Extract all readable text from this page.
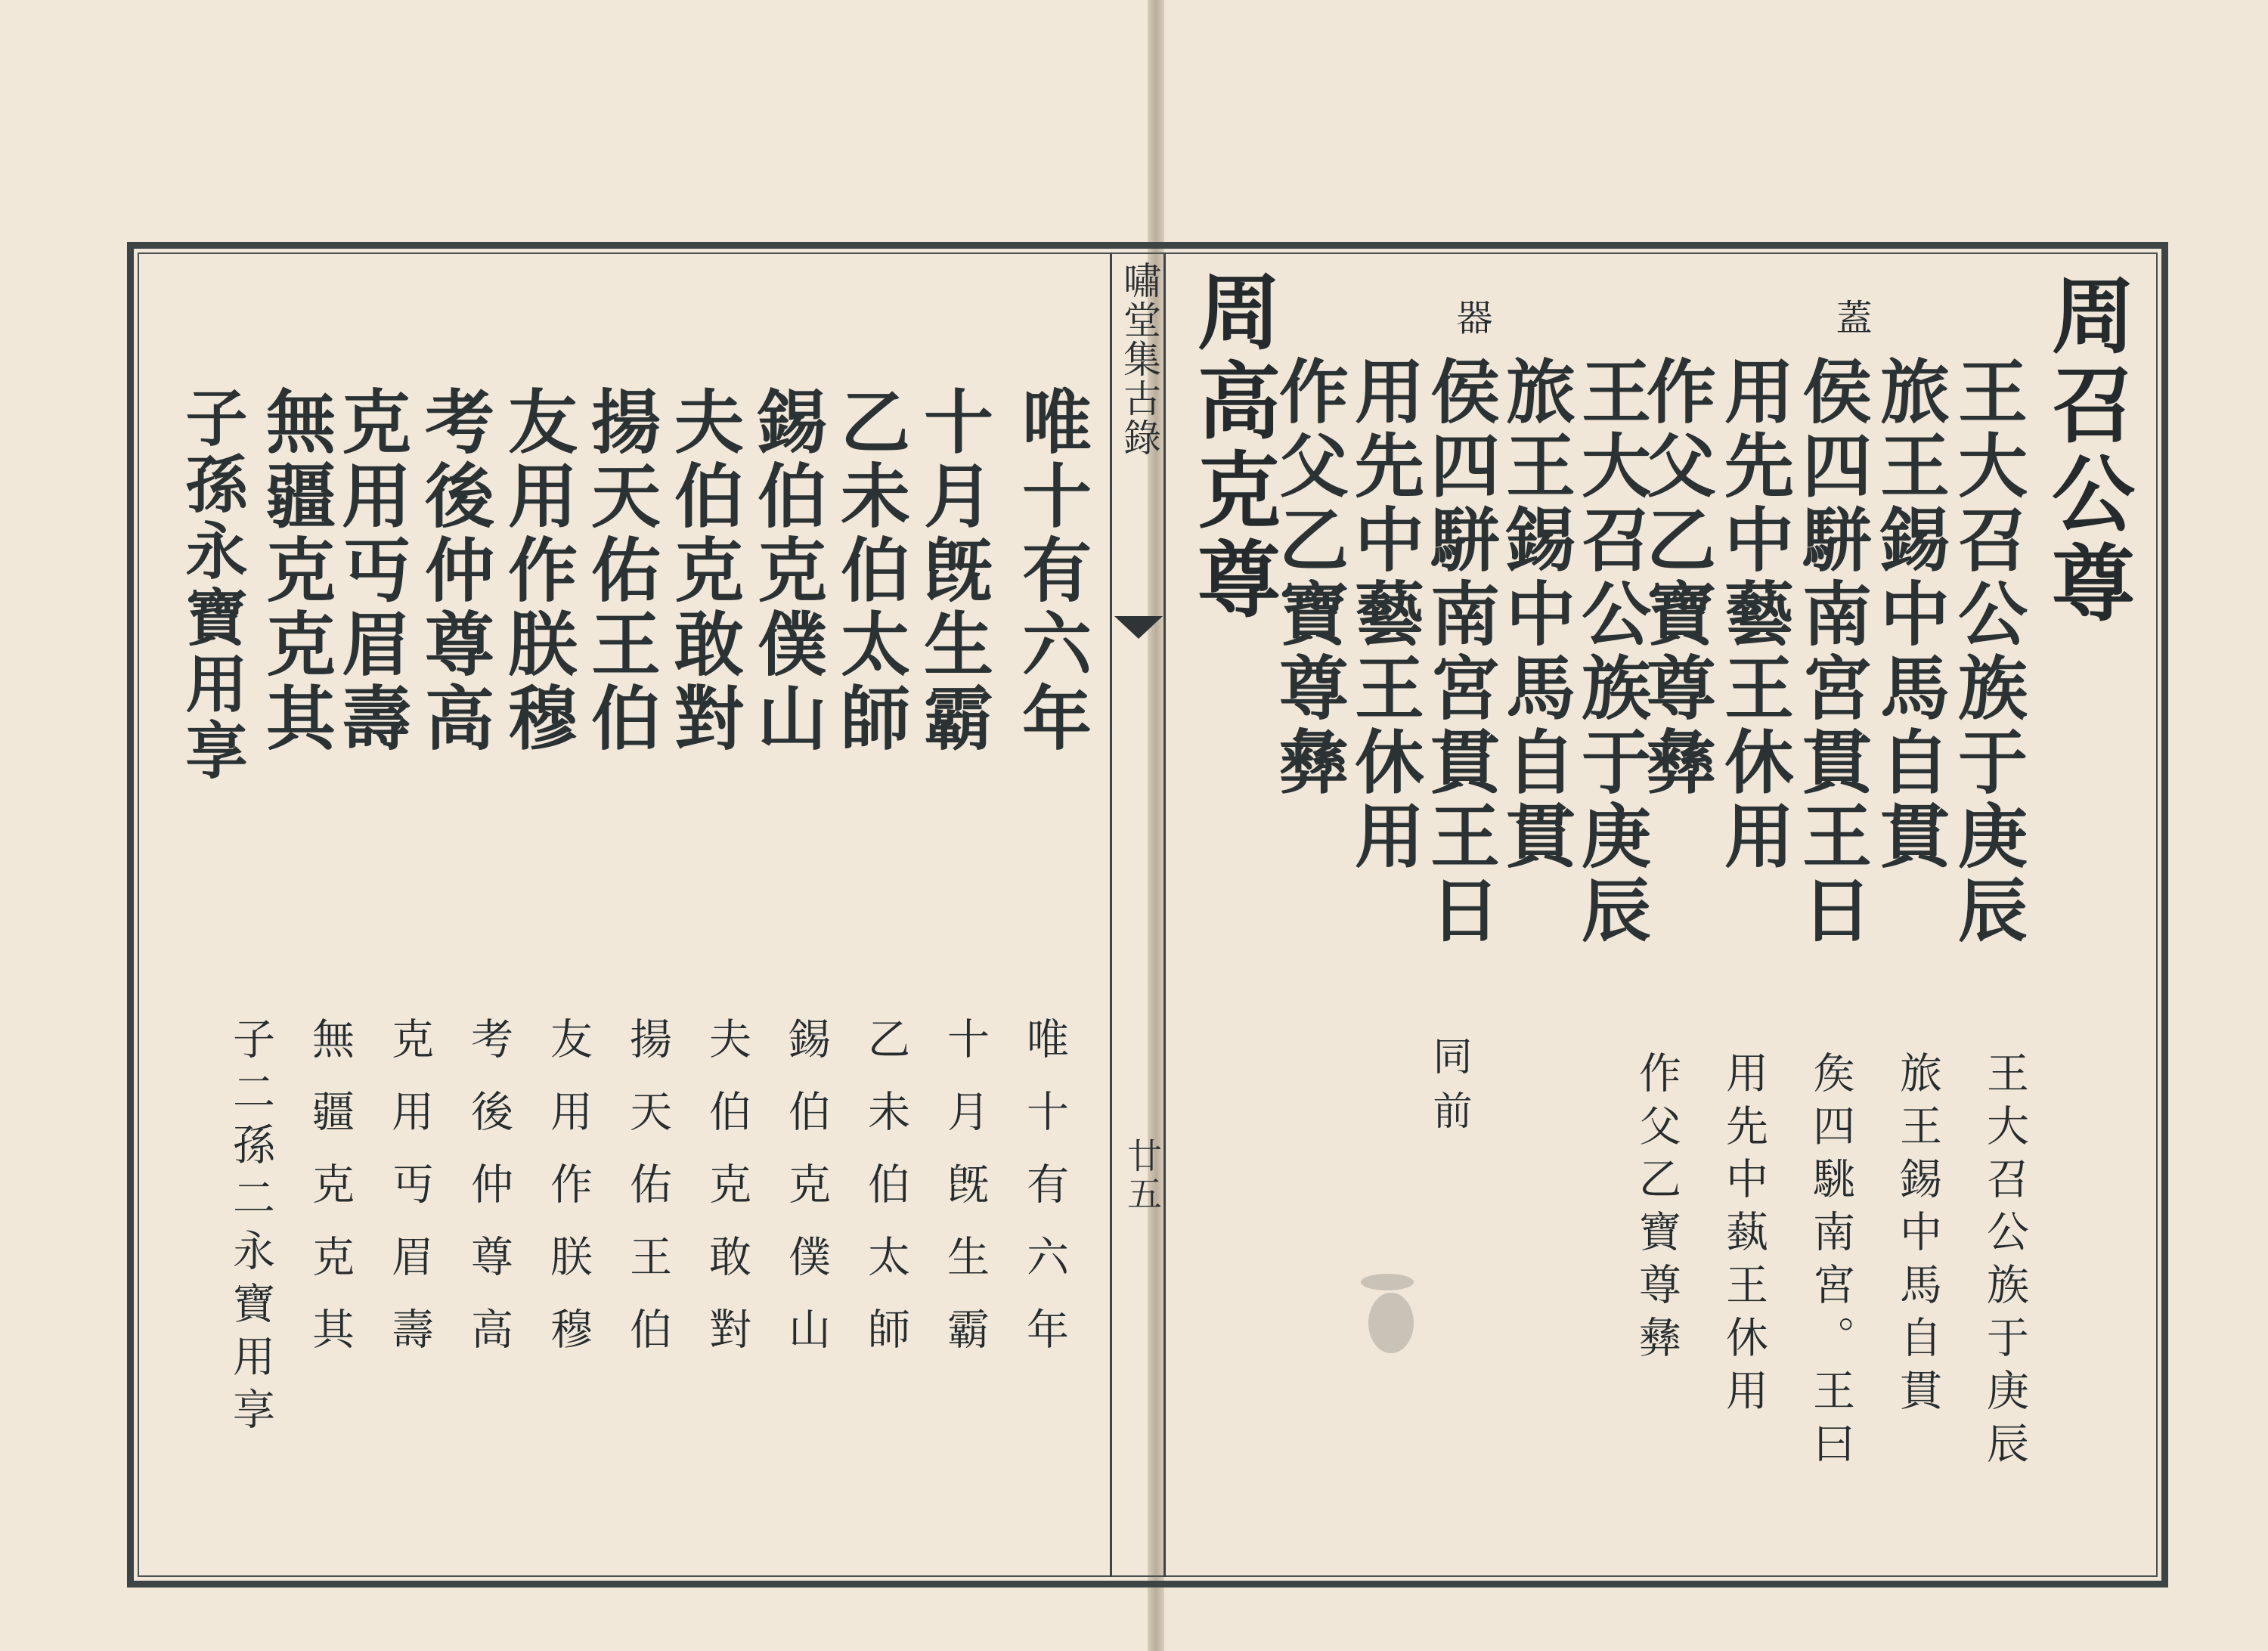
嘯堂集古錄
廿五
周召公尊
蓋
器
王大召公族于庚辰
旅王錫中馬自貫
侯四駢南宮貫王日
用先中藝王休用
作父乙寶尊彝
王大召公族于庚辰
旅王錫中馬自貫
侯四駢南宮貫王日
用先中藝王休用
作父乙寶尊彝
王大召公族于庚辰
旅王錫中馬自貫
矦四駣南宮。王曰
用先中蓺王休用
作父乙寶尊彝
同前
周高克尊
唯十有六年
十月旣生霸
乙未伯太師
錫伯克僕山
夫伯克敢對
揚天佑王伯
友用作朕穆
考後仲尊高
克用丏眉壽
無疆克克其
子孫永寶用享
唯十有六年
十月旣生霸
乙未伯太師
錫伯克僕山
夫伯克敢對
揚天佑王伯
友用作朕穆
考後仲尊高
克用丏眉壽
無疆克克其
子二孫二永寶用享
